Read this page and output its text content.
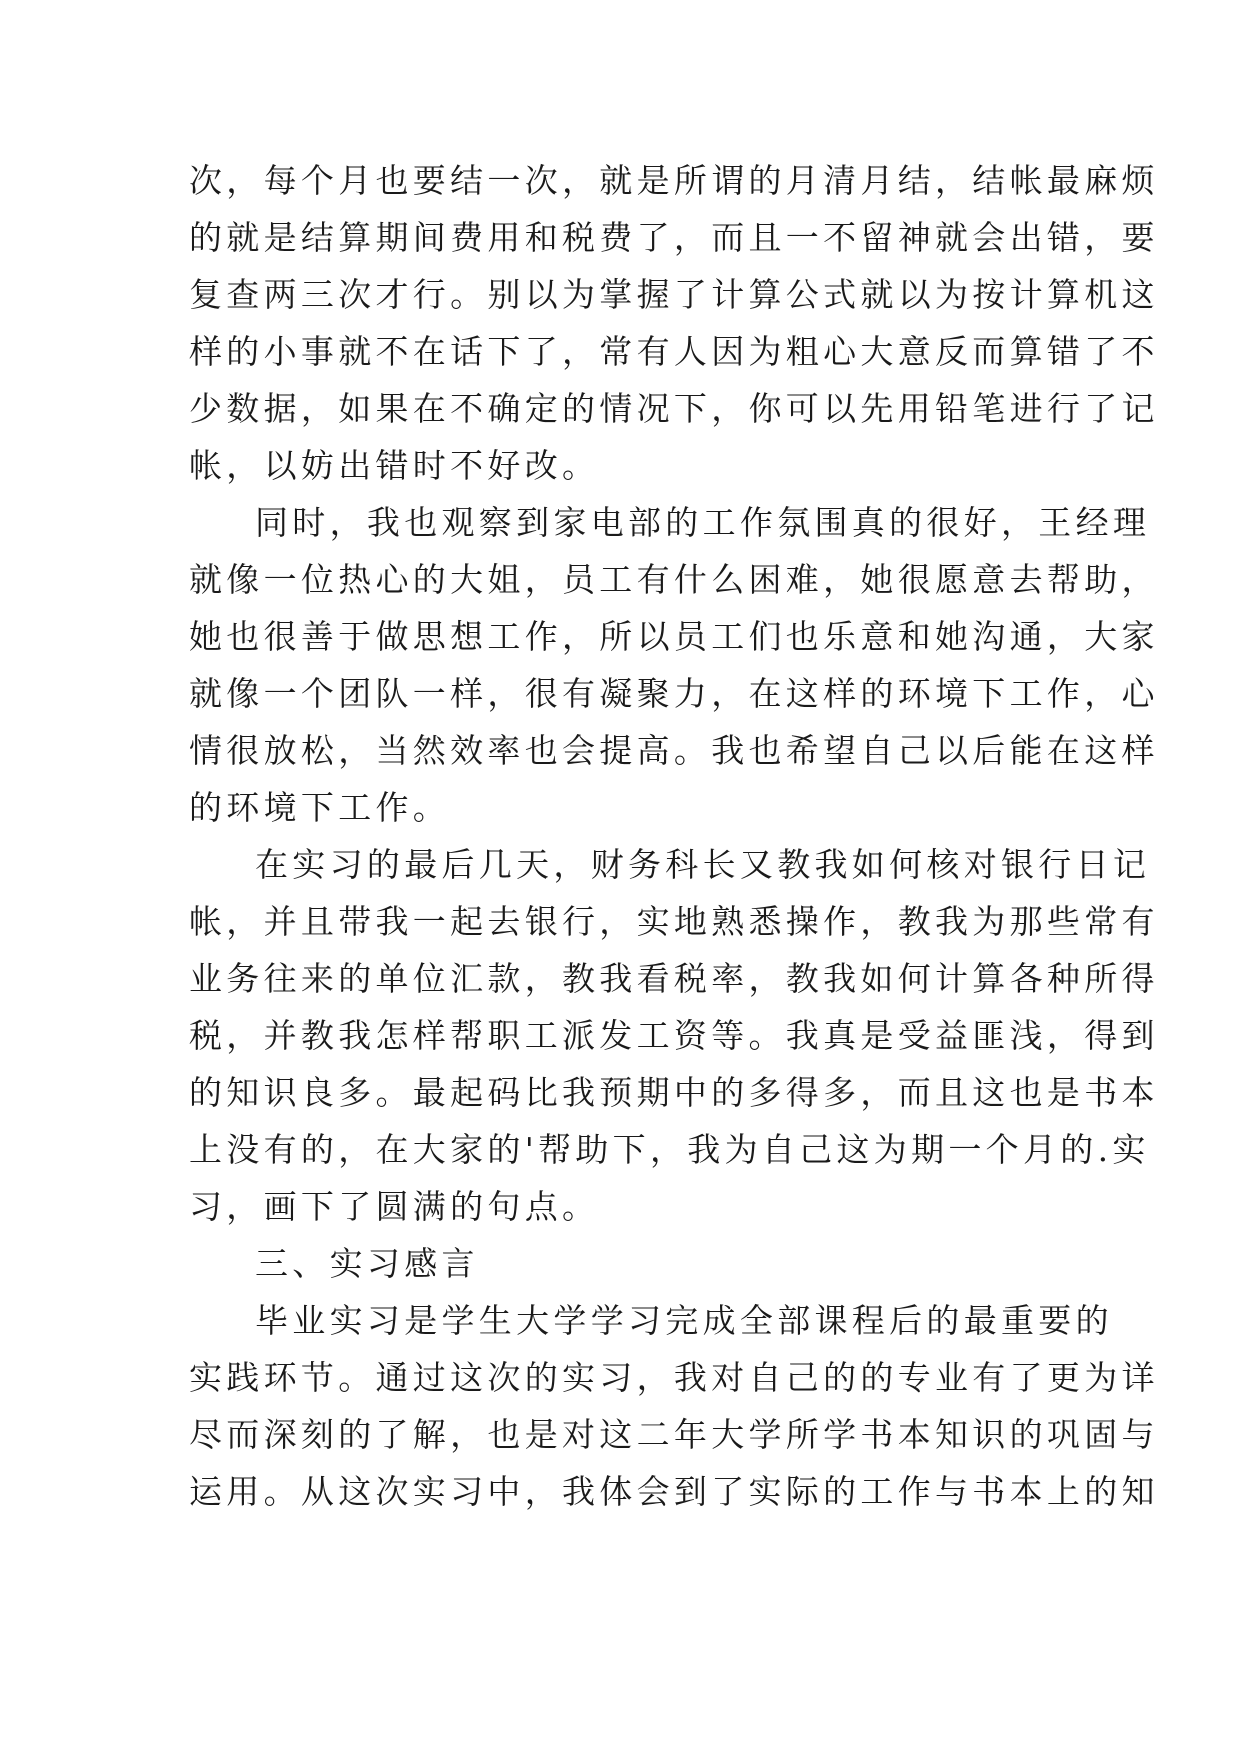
次，每个月也要结一次，就是所谓的月清月结，结帐最麻烦
的就是结算期间费用和税费了，而且一不留神就会出错，要
复查两三次才行。别以为掌握了计算公式就以为按计算机这
样的小事就不在话下了，常有人因为粗心大意反而算错了不
少数据，如果在不确定的情况下，你可以先用铅笔进行了记
帐，以妨出错时不好改。
同时，我也观察到家电部的工作氛围真的很好，王经理
就像一位热心的大姐，员工有什么困难，她很愿意去帮助，
她也很善于做思想工作，所以员工们也乐意和她沟通，大家
就像一个团队一样，很有凝聚力，在这样的环境下工作，心
情很放松，当然效率也会提高。我也希望自己以后能在这样
的环境下工作。
在实习的最后几天，财务科长又教我如何核对银行日记
帐，并且带我一起去银行，实地熟悉操作，教我为那些常有
业务往来的单位汇款，教我看税率，教我如何计算各种所得
税，并教我怎样帮职工派发工资等。我真是受益匪浅，得到
的知识良多。最起码比我预期中的多得多，而且这也是书本
上没有的，在大家的'帮助下，我为自己这为期一个月的.实
习，画下了圆满的句点。
三、实习感言
毕业实习是学生大学学习完成全部课程后的最重要的
实践环节。通过这次的实习，我对自己的的专业有了更为详
尽而深刻的了解，也是对这二年大学所学书本知识的巩固与
运用。从这次实习中，我体会到了实际的工作与书本上的知
